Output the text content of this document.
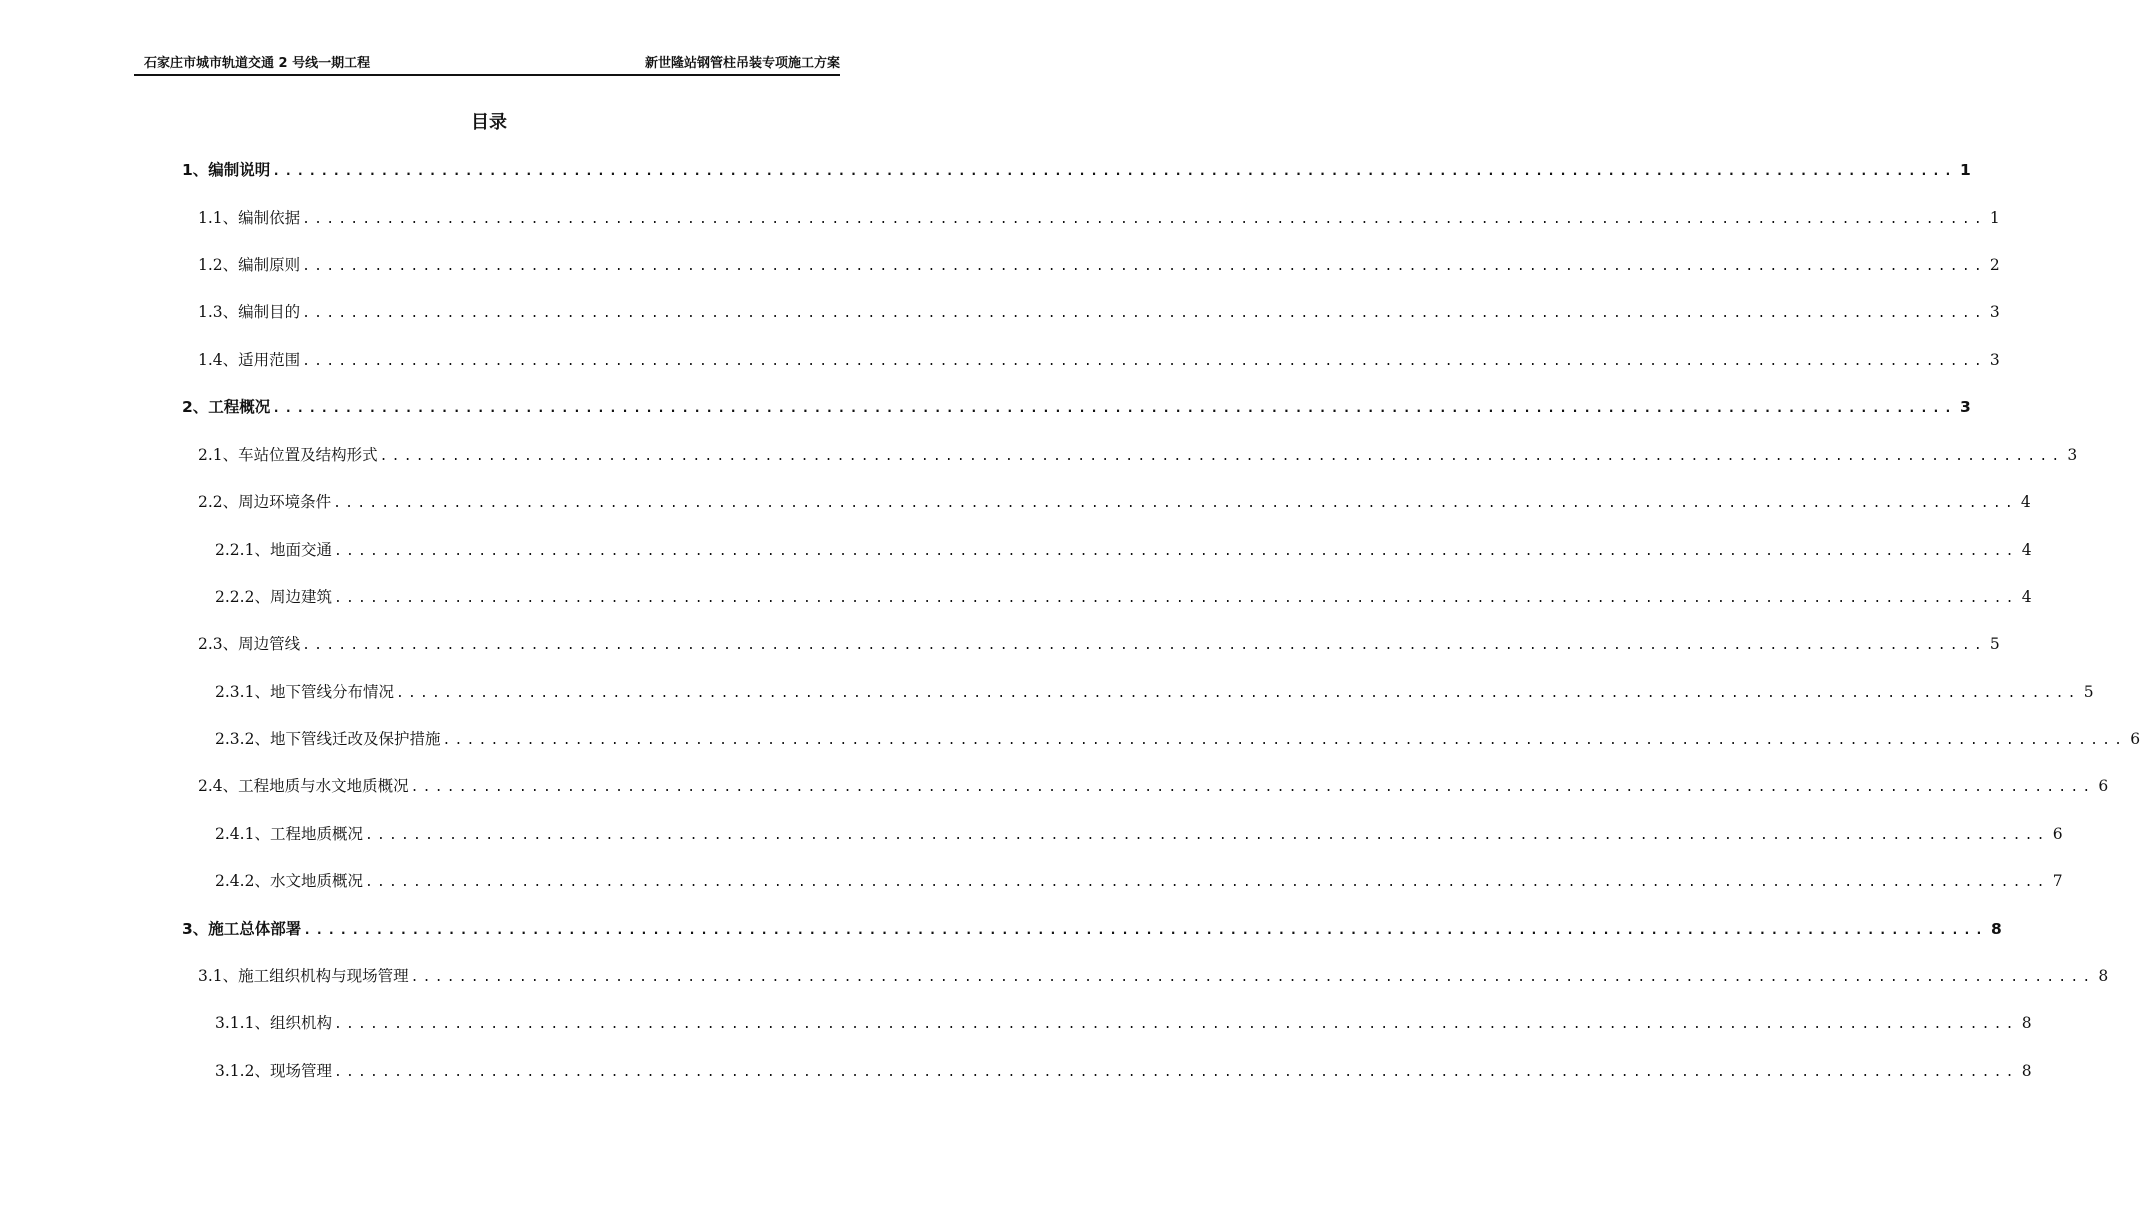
石家庄市城市轨道交通 2 号线一期工程	新世隆站钢管柱吊装专项施工方案
目录
1、编制说明 ............................................................................................................................................ 1
1.1、编制依据 ............................................................................................................................................ 1
1.2、编制原则 ............................................................................................................................................ 2
1.3、编制目的 ............................................................................................................................................ 3
1.4、适用范围 ............................................................................................................................................ 3
2、工程概况 ............................................................................................................................................ 3
2.1、车站位置及结构形式 ............................................................................................................................................ 3
2.2、周边环境条件 ............................................................................................................................................ 4
2.2.1、地面交通 ............................................................................................................................................ 4
2.2.2、周边建筑 ............................................................................................................................................ 4
2.3、周边管线 ............................................................................................................................................ 5
2.3.1、地下管线分布情况 ............................................................................................................................................ 5
2.3.2、地下管线迁改及保护措施 ............................................................................................................................................ 6
2.4、工程地质与水文地质概况 ............................................................................................................................................ 6
2.4.1、工程地质概况 ............................................................................................................................................ 6
2.4.2、水文地质概况 ............................................................................................................................................ 7
3、施工总体部署 ............................................................................................................................................ 8
3.1、施工组织机构与现场管理 ............................................................................................................................................ 8
3.1.1、组织机构 ............................................................................................................................................ 8
3.1.2、现场管理 ............................................................................................................................................ 8
